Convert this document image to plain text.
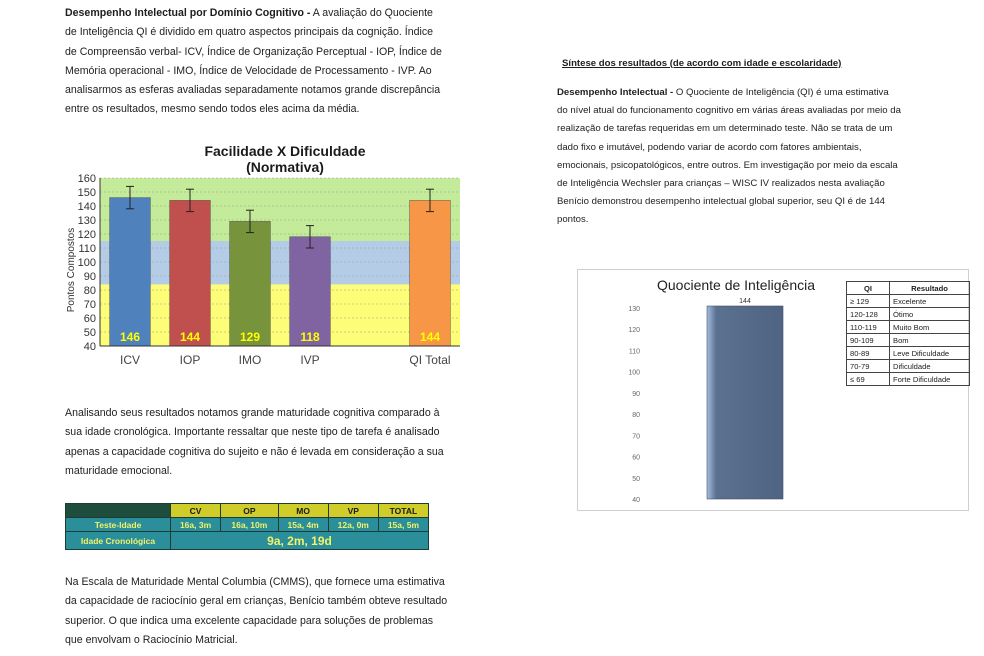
Desempenho Intelectual por Domínio Cognitivo - A avaliação do Quociente
de Inteligência QI é dividido em quatro aspectos principais da cognição. Índice
de Compreensão verbal- ICV, Índice de Organização Perceptual - IOP, Índice de
Memória operacional - IMO, Índice de Velocidade de Processamento - IVP. Ao
analisarmos as esferas avaliadas separadamente notamos grande discrepância
entre os resultados, mesmo sendo todos eles acima da média.
Facilidade X Dificuldade
(Normativa)
Pontos Compostos
146	144	129	118	144
40
50
60
70
80
90
100
110
120
130
140
150
160
ICV	IOP	IMO	IVP	QI Total
Analisando seus resultados notamos grande maturidade cognitiva comparado à
sua idade cronológica. Importante ressaltar que neste tipo de tarefa é analisado
apenas a capacidade cognitiva do sujeito e não é levada em consideração a sua
maturidade emocional.
	CV	OP	MO	VP	TOTAL
Teste-Idade	16a, 3m	16a, 10m	15a, 4m	12a, 0m	15a, 5m
Idade Cronológica	9a, 2m, 19d				
Na Escala de Maturidade Mental Columbia (CMMS), que fornece uma estimativa
da capacidade de raciocínio geral em crianças, Benício também obteve resultado
superior. O que indica uma excelente capacidade para soluções de problemas
que envolvam o Raciocínio Matricial.
Síntese dos resultados (de acordo com idade e escolaridade)
Desempenho Intelectual - O Quociente de Inteligência (QI) é uma estimativa
do nível atual do funcionamento cognitivo em várias áreas avaliadas por meio da
realização de tarefas requeridas em um determinado teste. Não se trata de um
dado fixo e imutável, podendo variar de acordo com fatores ambientais,
emocionais, psicopatológicos, entre outros. Em investigação por meio da escala
de Inteligência Wechsler para crianças – WISC IV realizados nesta avaliação
Benício demonstrou desempenho intelectual global superior, seu QI é de 144
pontos.
Quociente de Inteligência
40
50
60
70
80
90
100
110
120
130
144
QI	Resultado
≥ 129	Excelente
120-128	Ótimo
110-119	Muito Bom
90-109	Bom
80-89	Leve Dificuldade
70-79	Dificuldade
≤ 69	Forte Dificuldade
